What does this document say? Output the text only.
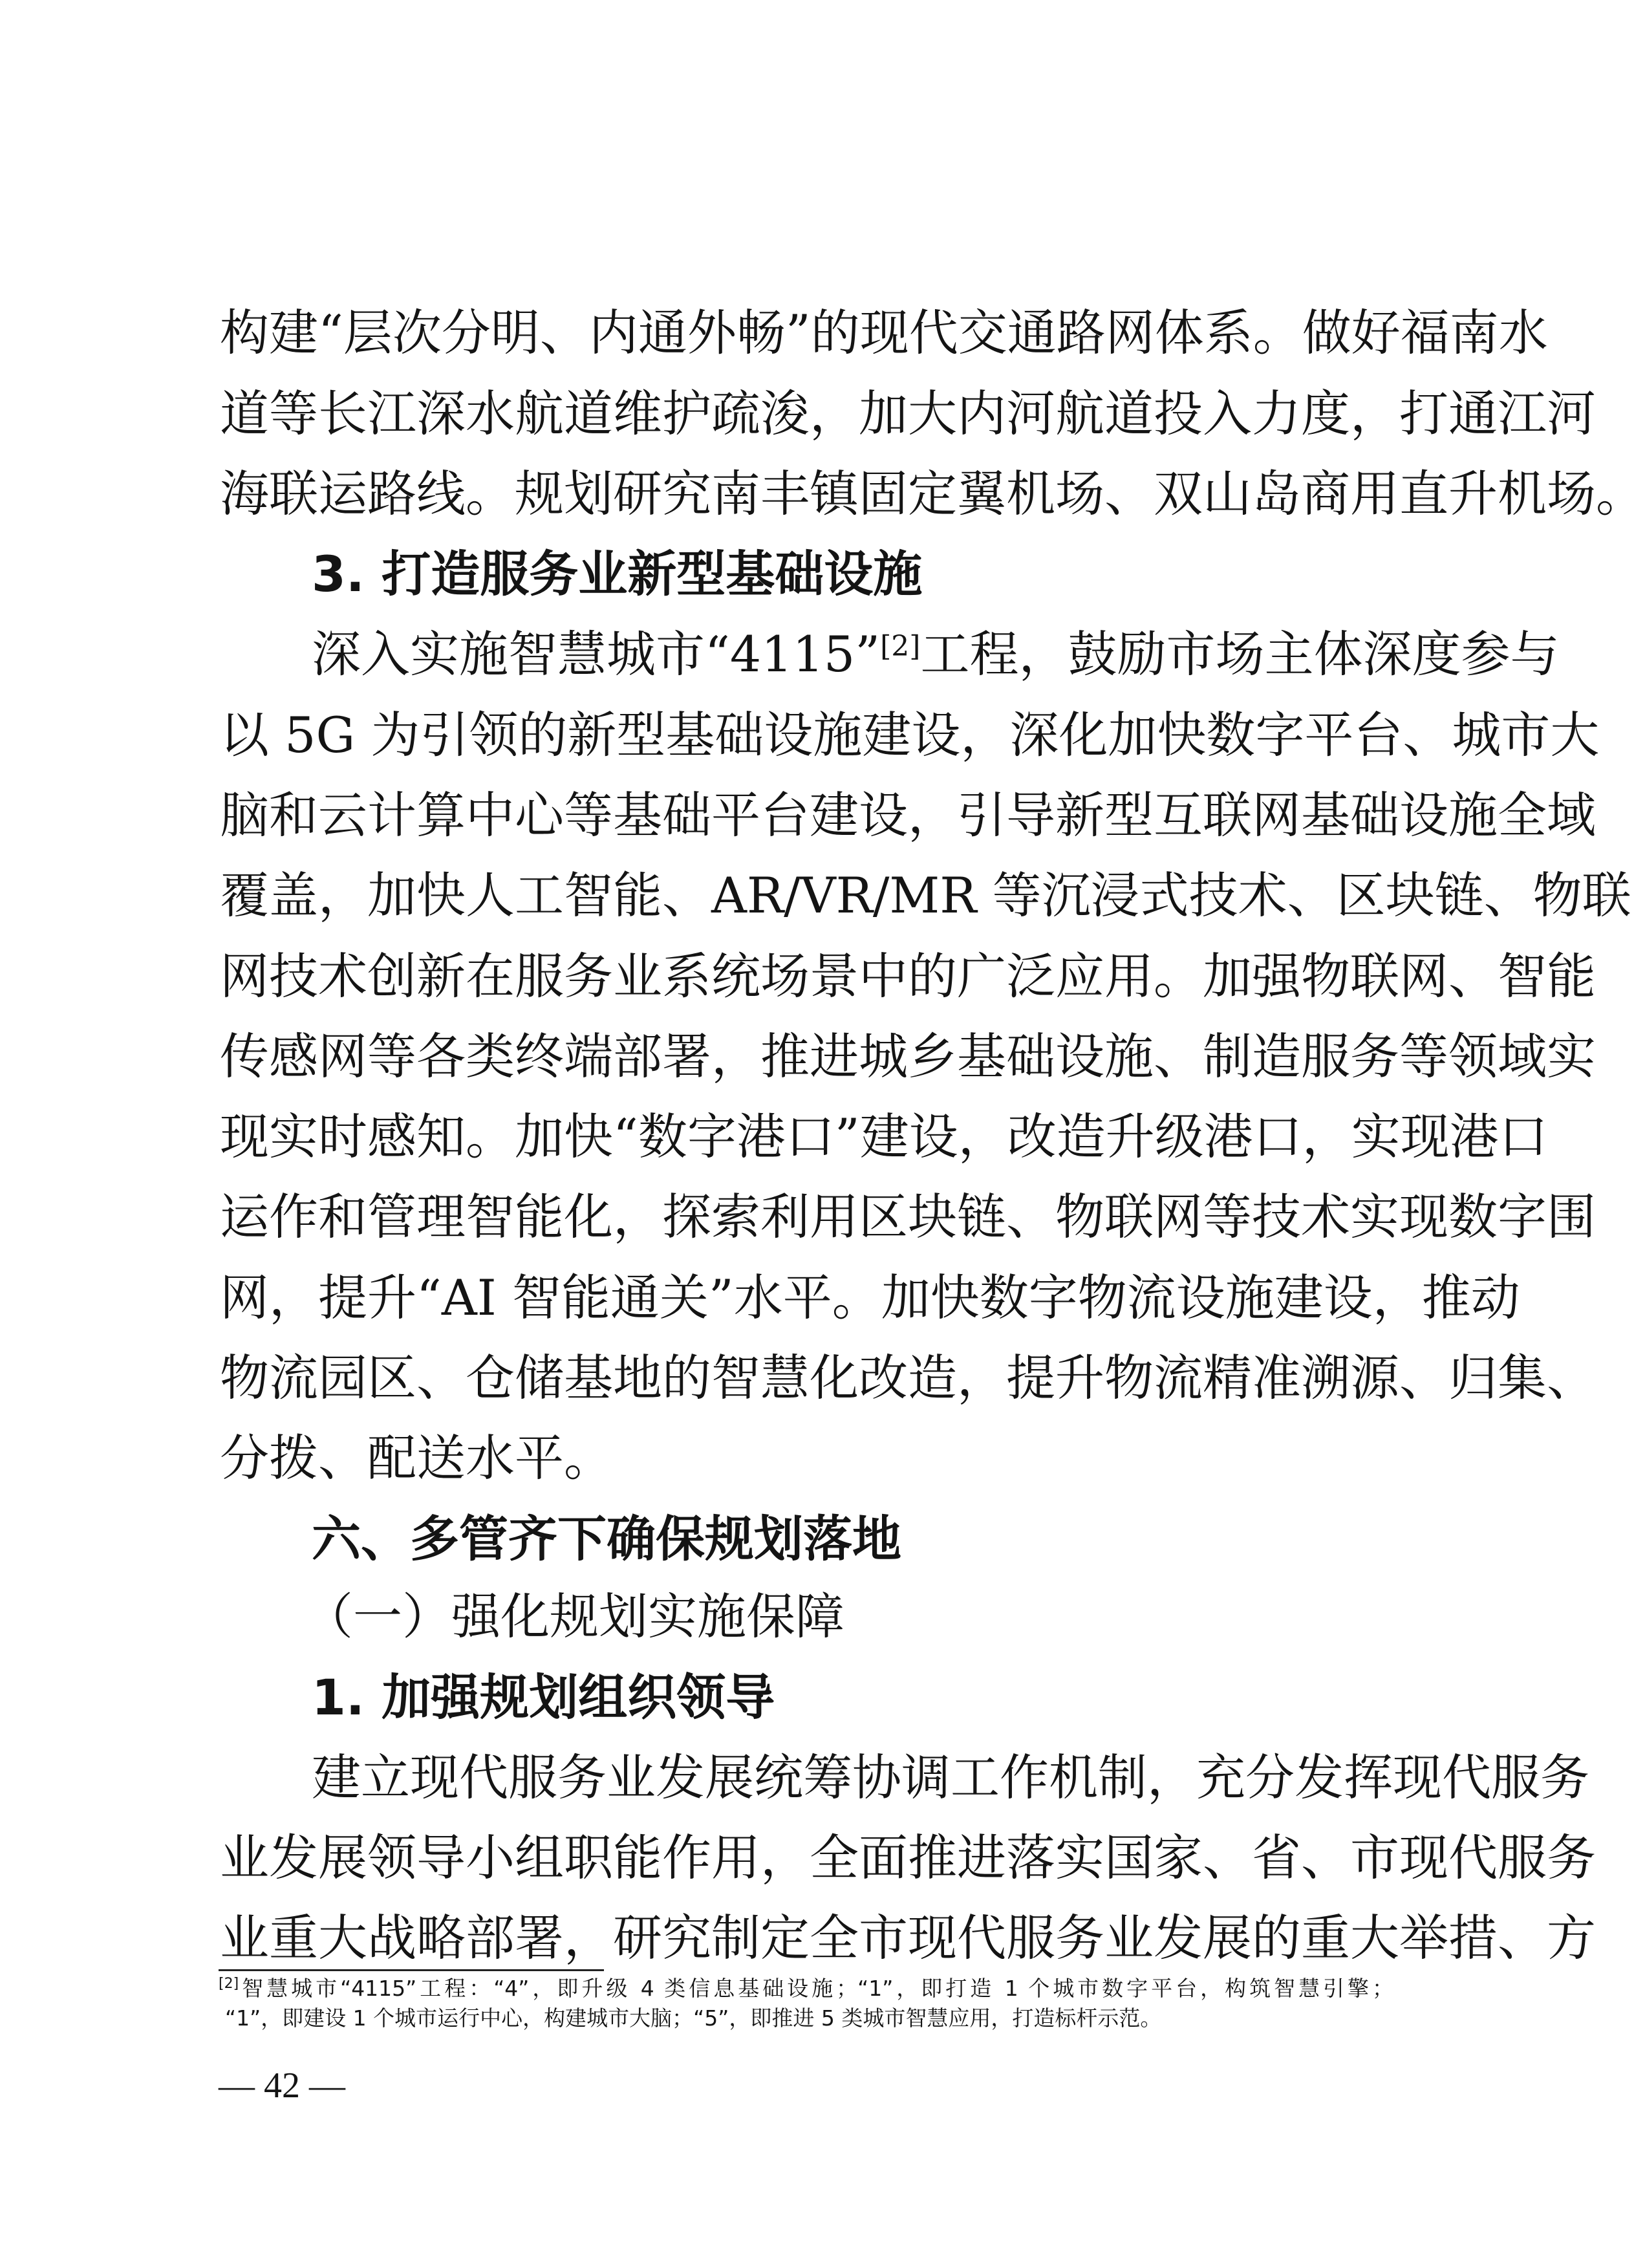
构建“层次分明、内通外畅”的现代交通路网体系。做好福南水
道等长江深水航道维护疏浚，加大内河航道投入力度，打通江河
海联运路线。规划研究南丰镇固定翼机场、双山岛商用直升机场。
3. 打造服务业新型基础设施
深入实施智慧城市“4115”[2]工程，鼓励市场主体深度参与
以 5G 为引领的新型基础设施建设，深化加快数字平台、城市大
脑和云计算中心等基础平台建设，引导新型互联网基础设施全域
覆盖，加快人工智能、AR/VR/MR 等沉浸式技术、区块链、物联
网技术创新在服务业系统场景中的广泛应用。加强物联网、智能
传感网等各类终端部署，推进城乡基础设施、制造服务等领域实
现实时感知。加快“数字港口”建设，改造升级港口，实现港口
运作和管理智能化，探索利用区块链、物联网等技术实现数字围
网，提升“AI 智能通关”水平。加快数字物流设施建设，推动
物流园区、仓储基地的智慧化改造，提升物流精准溯源、归集、
分拨、配送水平。
六、多管齐下确保规划落地
（一）强化规划实施保障
1. 加强规划组织领导
建立现代服务业发展统筹协调工作机制，充分发挥现代服务
业发展领导小组职能作用，全面推进落实国家、省、市现代服务
业重大战略部署，研究制定全市现代服务业发展的重大举措、方
[2]智慧城市“4115”工程：“4”，即升级 4 类信息基础设施；“1”，即打造 1 个城市数字平台，构筑智慧引擎；
“1”，即建设 1 个城市运行中心，构建城市大脑；“5”，即推进 5 类城市智慧应用，打造标杆示范。
— 42 —
